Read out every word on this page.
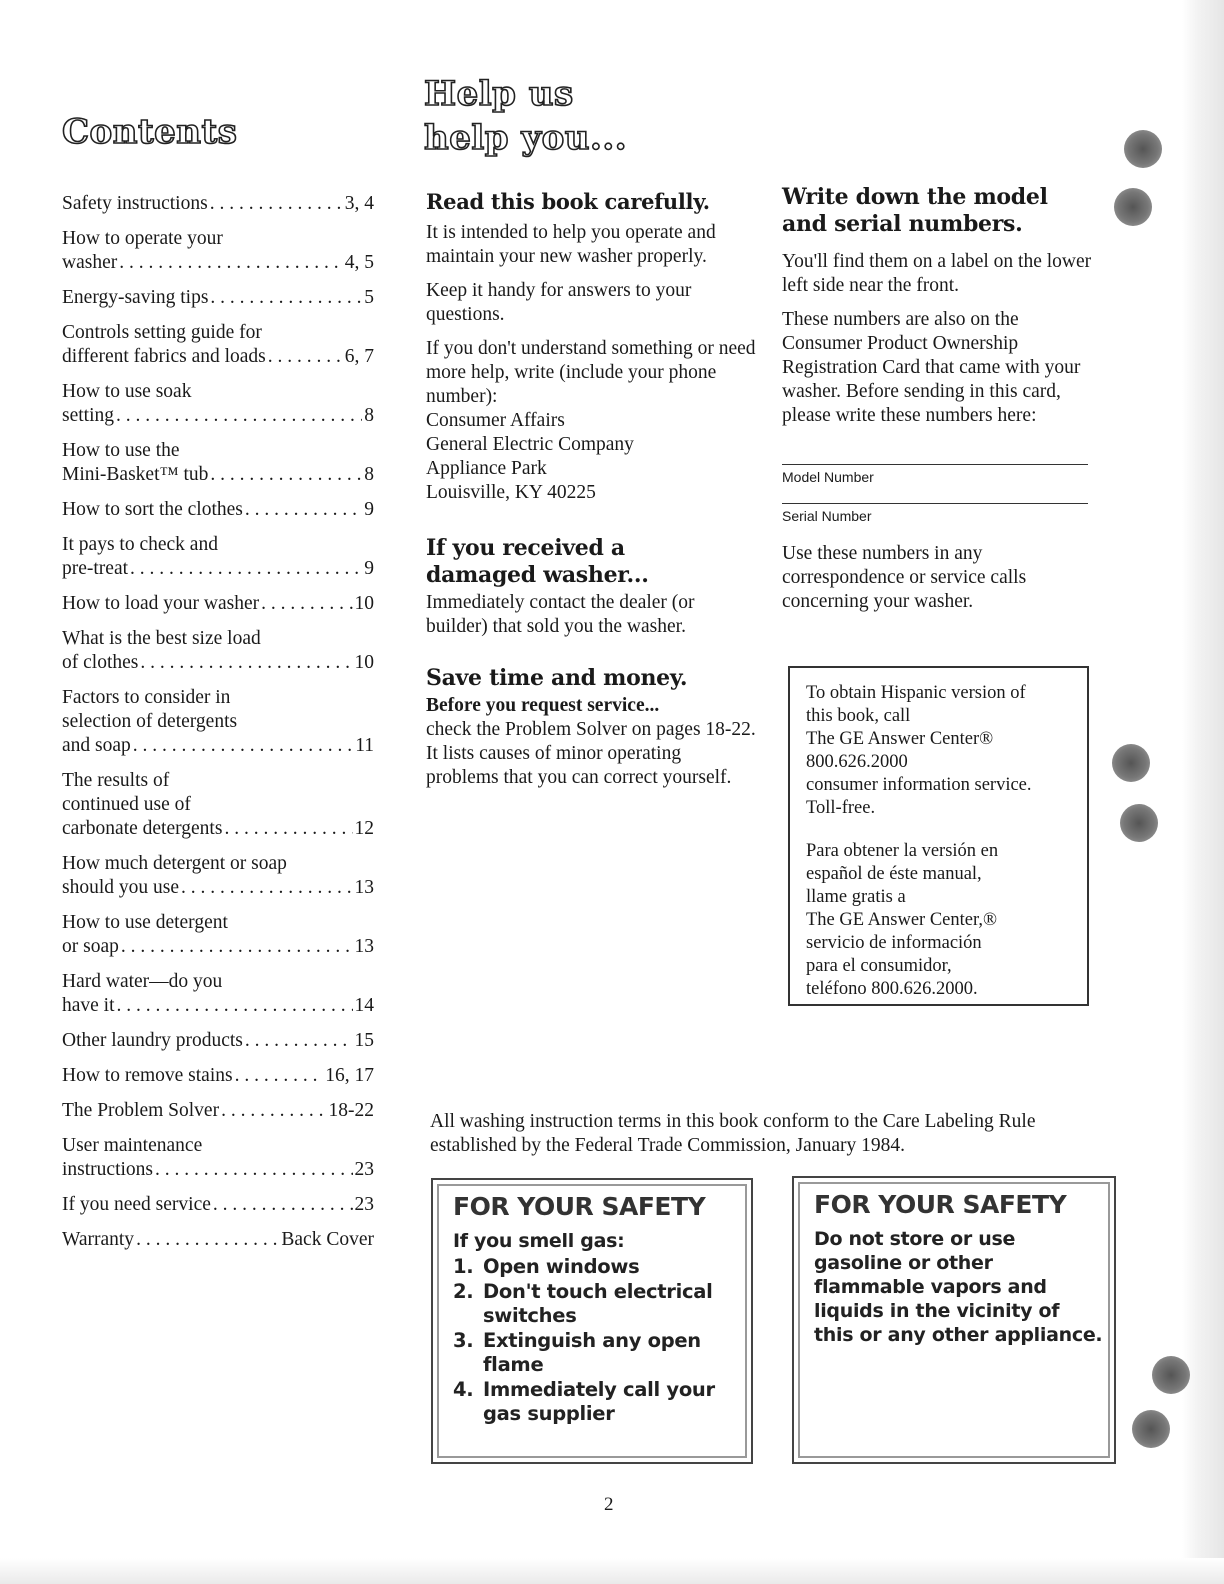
Contents
Help us
help you...
Safety instructions . . .	3, 4
How to operate your
washer . . .	4, 5
Energy-saving tips . . .	5
Controls setting guide for
different fabrics and loads . . .	6, 7
How to use soak
setting . . .	8
How to use the
Mini-Basket™ tub . . .	8
How to sort the clothes . . .	9
It pays to check and
pre-treat . . .	9
How to load your washer . . .	10
What is the best size load
of clothes . . .	10
Factors to consider in
selection of detergents
and soap . . .	11
The results of
continued use of
carbonate detergents . . .	12
How much detergent or soap
should you use . . .	13
How to use detergent
or soap . . .	13
Hard water—do you
have it . . .	14
Other laundry products . . .	15
How to remove stains . . .	16, 17
The Problem Solver . . .	18-22
User maintenance
instructions . . .	23
If you need service . . .	23
Warranty . . .	Back Cover
Read this book carefully.
It is intended to help you operate and maintain your new washer properly.
Keep it handy for answers to your questions.
If you don't understand something or need more help, write (include your phone number):
Consumer Affairs
General Electric Company
Appliance Park
Louisville, KY 40225
If you received a
damaged washer...
Immediately contact the dealer (or builder) that sold you the washer.
Save time and money.
Before you request service...
check the Problem Solver on pages 18-22. It lists causes of minor operating problems that you can correct yourself.
Write down the model
and serial numbers.
You'll find them on a label on the lower left side near the front.
These numbers are also on the Consumer Product Ownership Registration Card that came with your washer. Before sending in this card, please write these numbers here:
Model Number
Serial Number
Use these numbers in any correspondence or service calls concerning your washer.
To obtain Hispanic version of
this book, call
The GE Answer Center®
800.626.2000
consumer information service.
Toll-free.
Para obtener la versión en
español de éste manual,
llame gratis a
The GE Answer Center,®
servicio de información
para el consumidor,
teléfono 800.626.2000.
All washing instruction terms in this book conform to the Care Labeling Rule established by the Federal Trade Commission, January 1984.
FOR YOUR SAFETY
If you smell gas:
1. Open windows
2. Don't touch electrical switches
3. Extinguish any open flame
4. Immediately call your gas supplier
FOR YOUR SAFETY
Do not store or use gasoline or other flammable vapors and liquids in the vicinity of this or any other appliance.
2
